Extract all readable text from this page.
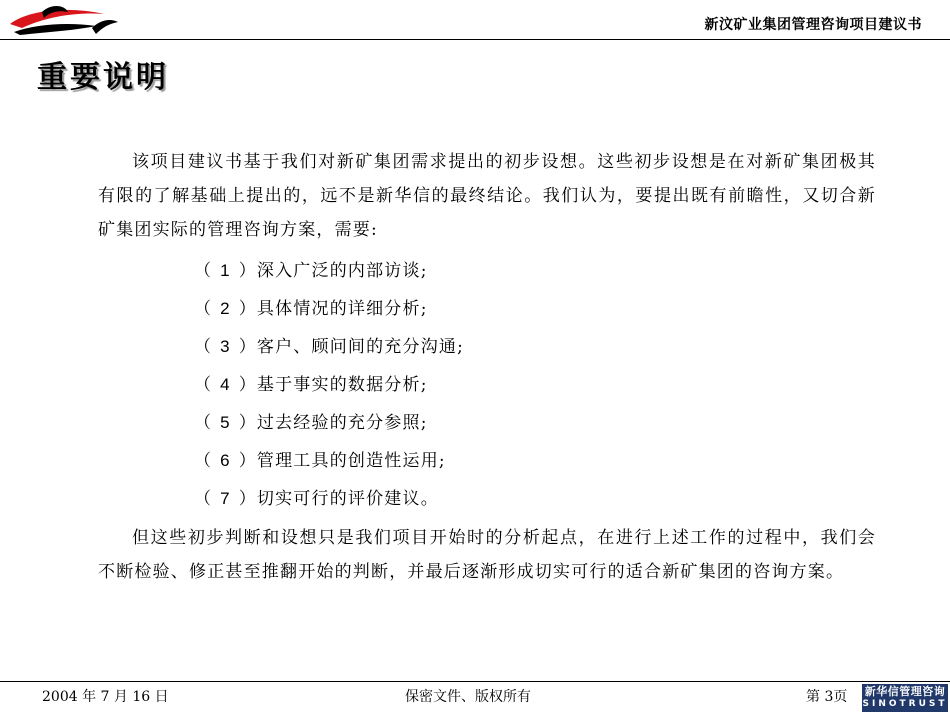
新汶矿业集团管理咨询项目建议书
重要说明

该项目建议书基于我们对新矿集团需求提出的初步设想。这些初步设想是在对新矿集团极其有限的了解基础上提出的，远不是新华信的最终结论。我们认为，要提出既有前瞻性，又切合新矿集团实际的管理咨询方案，需要:

（ 1 ）深入广泛的内部访谈;
（ 2 ）具体情况的详细分析;
（ 3 ）客户、顾问间的充分沟通;
（ 4 ）基于事实的数据分析;
（ 5 ）过去经验的充分参照;
（ 6 ）管理工具的创造性运用;
（ 7 ）切实可行的评价建议。

但这些初步判断和设想只是我们项目开始时的分析起点，在进行上述工作的过程中，我们会不断检验、修正甚至推翻开始的判断，并最后逐渐形成切实可行的适合新矿集团的咨询方案。

2004 年 7 月 16 日	保密文件、版权所有	第 3页 新华信管理咨询
SINOTRUST
